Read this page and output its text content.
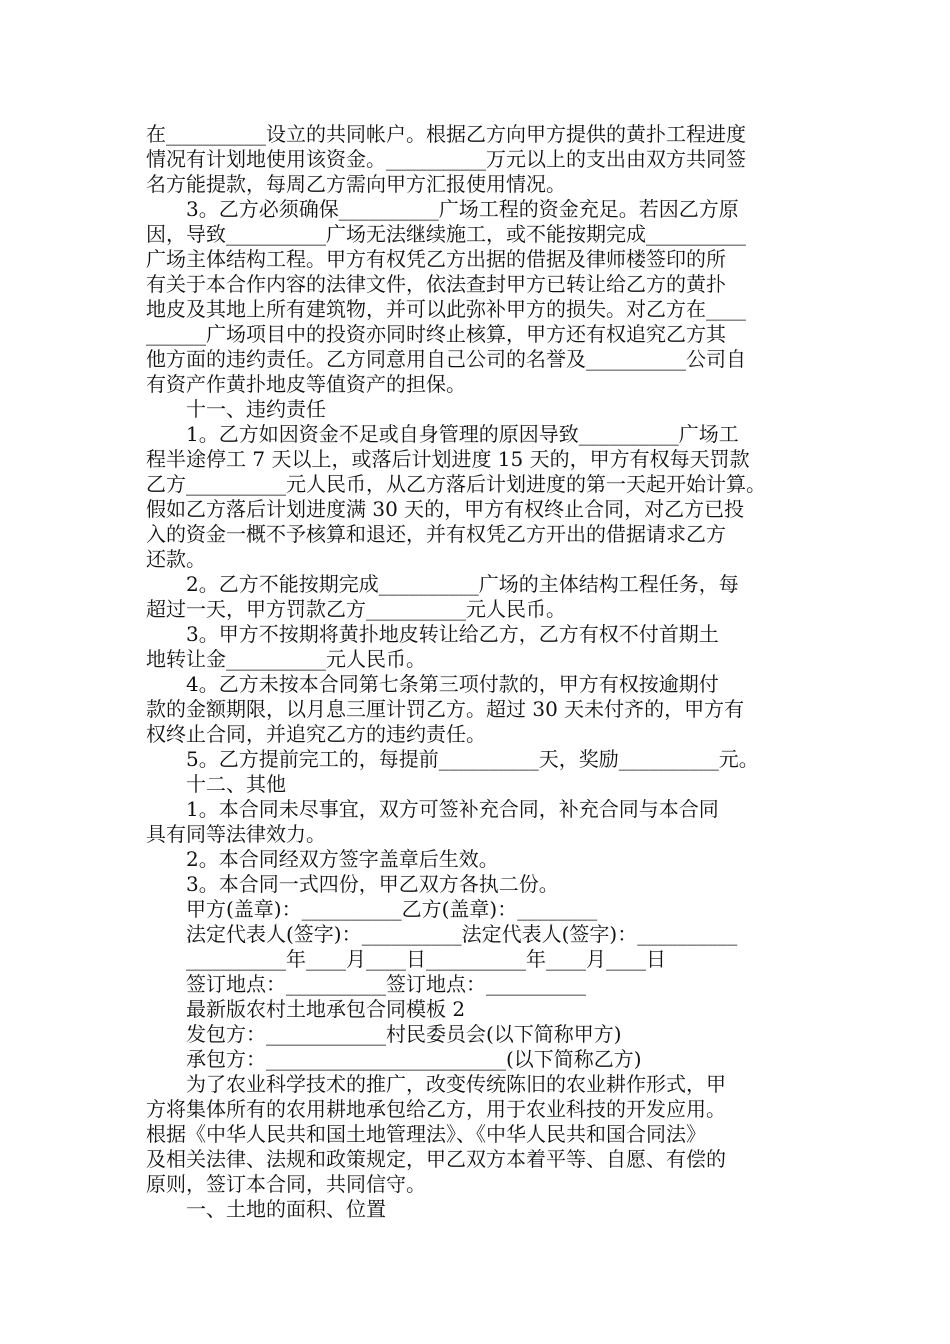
在__________设立的共同帐户。根据乙方向甲方提供的黄扑工程进度
情况有计划地使用该资金。__________万元以上的支出由双方共同签
名方能提款，每周乙方需向甲方汇报使用情况。
　　3。乙方必须确保__________广场工程的资金充足。若因乙方原
因，导致__________广场无法继续施工，或不能按期完成__________
广场主体结构工程。甲方有权凭乙方出据的借据及律师楼签印的所
有关于本合作内容的法律文件，依法查封甲方已转让给乙方的黄扑
地皮及其地上所有建筑物，并可以此弥补甲方的损失。对乙方在____
______广场项目中的投资亦同时终止核算，甲方还有权追究乙方其
他方面的违约责任。乙方同意用自己公司的名誉及__________公司自
有资产作黄扑地皮等值资产的担保。
　　十一、违约责任
　　1。乙方如因资金不足或自身管理的原因导致__________广场工
程半途停工 7 天以上，或落后计划进度 15 天的，甲方有权每天罚款
乙方__________元人民币，从乙方落后计划进度的第一天起开始计算。
假如乙方落后计划进度满 30 天的，甲方有权终止合同，对乙方已投
入的资金一概不予核算和退还，并有权凭乙方开出的借据请求乙方
还款。
　　2。乙方不能按期完成__________广场的主体结构工程任务，每
超过一天，甲方罚款乙方__________元人民币。
　　3。甲方不按期将黄扑地皮转让给乙方，乙方有权不付首期土
地转让金__________元人民币。
　　4。乙方未按本合同第七条第三项付款的，甲方有权按逾期付
款的金额期限，以月息三厘计罚乙方。超过 30 天未付齐的，甲方有
权终止合同，并追究乙方的违约责任。
　　5。乙方提前完工的，每提前__________天，奖励__________元。
　　十二、其他
　　1。本合同未尽事宜，双方可签补充合同，补充合同与本合同
具有同等法律效力。
　　2。本合同经双方签字盖章后生效。
　　3。本合同一式四份，甲乙双方各执二份。
　　甲方(盖章)：__________乙方(盖章)：________
　　法定代表人(签字)：__________法定代表人(签字)：__________
　　__________年____月____日__________年____月____日
　　签订地点：__________签订地点：__________
　　最新版农村土地承包合同模板 2
　　发包方：____________村民委员会(以下简称甲方)
　　承包方：________________________(以下简称乙方)
　　为了农业科学技术的推广，改变传统陈旧的农业耕作形式，甲
方将集体所有的农用耕地承包给乙方，用于农业科技的开发应用。
根据《中华人民共和国土地管理法》、《中华人民共和国合同法》
及相关法律、法规和政策规定，甲乙双方本着平等、自愿、有偿的
原则，签订本合同，共同信守。
　　一、土地的面积、位置
